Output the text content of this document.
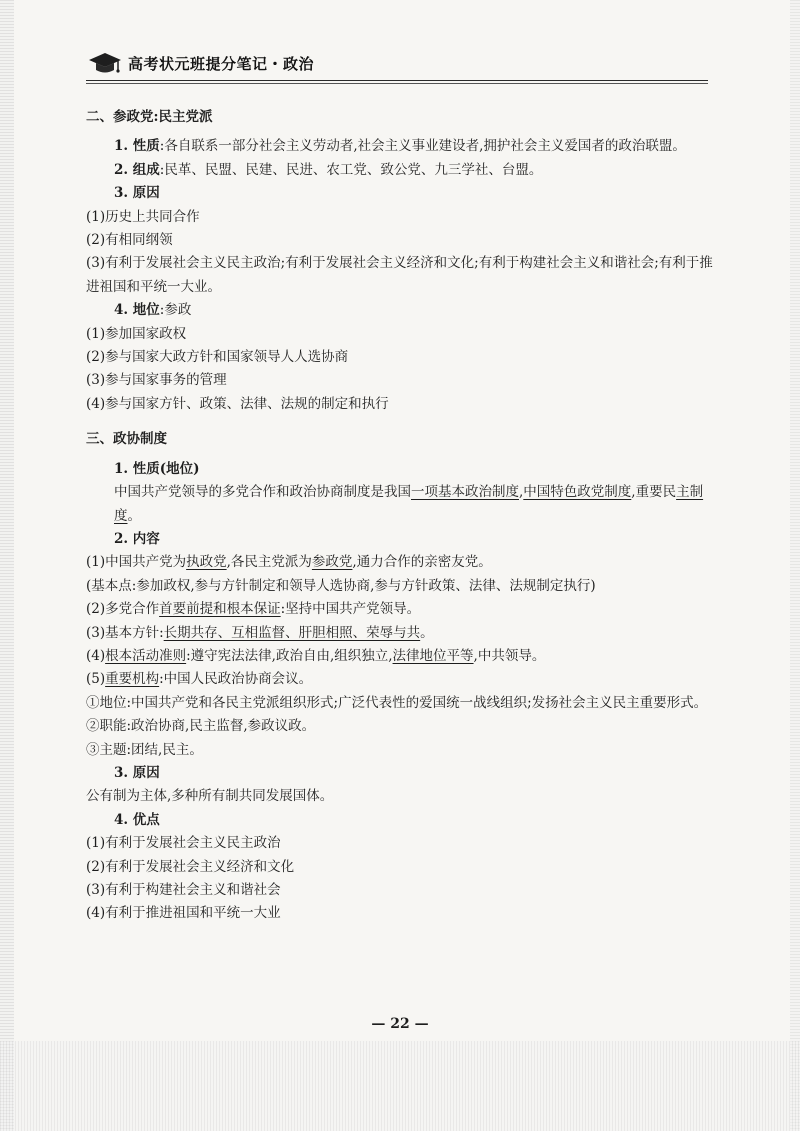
高考状元班提分笔记・政治
二、参政党:民主党派
1. 性质:各自联系一部分社会主义劳动者,社会主义事业建设者,拥护社会主义爱国者的政治联盟。
2. 组成:民革、民盟、民建、民进、农工党、致公党、九三学社、台盟。
3. 原因
(1)历史上共同合作
(2)有相同纲领
(3)有利于发展社会主义民主政治;有利于发展社会主义经济和文化;有利于构建社会主义和谐社会;有利于推进祖国和平统一大业。
4. 地位:参政
(1)参加国家政权
(2)参与国家大政方针和国家领导人人选协商
(3)参与国家事务的管理
(4)参与国家方针、政策、法律、法规的制定和执行
三、政协制度
1. 性质(地位)
中国共产党领导的多党合作和政治协商制度是我国一项基本政治制度,中国特色政党制度,重要民主制度。
2. 内容
(1)中国共产党为执政党,各民主党派为参政党,通力合作的亲密友党。
(基本点:参加政权,参与方针制定和领导人选协商,参与方针政策、法律、法规制定执行)
(2)多党合作首要前提和根本保证:坚持中国共产党领导。
(3)基本方针:长期共存、互相监督、肝胆相照、荣辱与共。
(4)根本活动准则:遵守宪法法律,政治自由,组织独立,法律地位平等,中共领导。
(5)重要机构:中国人民政治协商会议。
①地位:中国共产党和各民主党派组织形式;广泛代表性的爱国统一战线组织;发扬社会主义民主重要形式。
②职能:政治协商,民主监督,参政议政。
③主题:团结,民主。
3. 原因
公有制为主体,多种所有制共同发展国体。
4. 优点
(1)有利于发展社会主义民主政治
(2)有利于发展社会主义经济和文化
(3)有利于构建社会主义和谐社会
(4)有利于推进祖国和平统一大业
— 22 —
